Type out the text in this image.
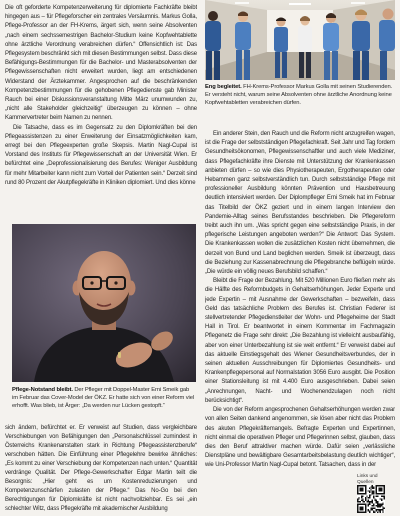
Die oft geforderte Kompetenzerweiterung für diplomierte Fachkräfte bleibt hingegen aus – für Pflegeforscher ein zentrales Versäumnis. Markus Golla, Pflege-Professor an der FH-Krems, ärgert sich, wenn seine Absolventen „nach einem sechssemestrigen Bachelor-Studium keine Kopfwehtablette ohne ärztliche Verordnung verabreichen dürfen.“ Offensichtlich ist: Das Pflegesystem beschränkt sich mit diesen Bestimmungen selbst. Dass diese Befähigungs-Bestimmungen für die Bachelor- und Masterabsolventen der Pflegewissenschaften nicht erweitert wurden, liegt am entschiedenen Widerstand der Ärztekammer. Angesprochen auf die beschränkenden Kompetenzbestimmungen für die gehobenen Pflegedienste gab Minister Rauch bei einer Diskussionsveranstaltung Mitte März unumwunden zu, „nicht alle Stakeholder gleichzeitig“ überzeugen zu können – ohne Kammervertreter beim Namen zu nennen.

Die Tatsache, dass es im Gegensatz zu den Diplomkräften bei den Pflegeassistenzen zu einer Erweiterung der Einsatzmöglichkeiten kam, erregt bei den Pflegeexperten große Skepsis. Martin Nagl-Cupal ist Vorstand des Instituts für Pflegewissenschaft an der Universität Wien. Er befürchtet eine „Deprofessionalisierung des Berufes: Weniger Ausbildung für mehr Mitarbeiter kann nicht zum Vorteil der Patienten sein.“ Derzeit sind rund 80 Prozent der Akutpflegekräfte in Kliniken diplomiert. Und dies könne

Pflege-Notstand bleibt. Der Pfleger mit Doppel-Master Erni Smeik gab im Februar das Cover-Model der ÖKZ. Er hatte sich von einer Reform viel erhofft. Was blieb, ist Ärger: „Da werden nur Lücken gestopft.“

sich ändern, befürchtet er. Er verweist auf Studien, dass vergleichbare Verschiebungen von Befähigungen den „Personalschlüssel zumindest in Österreichs Krankenanstalten stark in Richtung Pflegeassistenzberufe“ verschoben hätten. Die Einführung einer Pflegelehre bewirke ähnliches: „Es kommt zu einer Verschiebung der Kompetenzen nach unten.“ Quantität verdränge Qualität. Der Pflege-Gewerkschafter Edgar Martin teilt die Besorgnis: „Hier geht es um Kostenreduzierungen und Kompetenzunschärfen zulasten der Pflege.“ Das No-Go bei den Berechtigungen für Diplomkräfte ist nicht nachvollziehbar. Es sei „ein schlechter Witz, dass Pflegekräfte mit akademischer Ausbildung

Eng begleitet. FH-Krems-Professor Markus Golla mit seinen Studierenden. Er versteht nicht, warum seine Absolventen ohne ärztliche Anordnung keine Kopfwehtabletten verabreichen dürfen.

Links und Quellen

Ein anderer Stein, den Rauch und die Reform nicht anzugreifen wagen, ist die Frage der selbstständigen Pflegefachkraft. Seit Jahr und Tag fordern Gesundheitsökonomen, Pflegewissenschaftler und auch viele Mediziner, dass Pflegefachkräfte ihre Dienste mit Unterstützung der Krankenkassen anbieten dürfen – so wie dies Physiotherapeuten, Ergotherapeuten oder Hebammen ganz selbstverständlich tun. Durch selbstständige Pflege mit professioneller Ausbildung könnten Prävention und Hausbetreuung deutlich intensiviert werden. Der Diplompfleger Erni Smeik hat im Februar das Titelbild der ÖKZ geziert und in einem langen Interview den Pandemie-Alltag seines Berufsstandes beschrieben. Die Pflegereform treibt auch ihn um. „Was spricht gegen eine selbstständige Praxis, in der pflegerische Leistungen angeboten werden?“ Die Antwort: Das System. Die Krankenkassen wollen die zusätzlichen Kosten nicht übernehmen, die derzeit von Bund und Land beglichen werden. Smeik ist überzeugt, dass die Beziehung zur Kassenabrechnung die Pflegebranche beflügeln würde. „Die würde ein völlig neues Berufsbild schaffen.“

Bleibt die Frage der Bezahlung. Mit 520 Millionen Euro fließen mehr als die Hälfte des Reformbudgets in Gehaltserhöhungen. Jeder Experte und jede Expertin – mit Ausnahme der Gewerkschaften – bezweifeln, dass Geld das tatsächliche Problem des Berufes ist. Christian Federer ist stellvertretender Pflegedienstleiter der Wohn- und Pflegeheime der Stadt Hall in Tirol. Er beantwortet in einem Kommentar im Fachmagazin Pflegenetz die Frage sehr direkt: „Die Bezahlung ist vielleicht ausbaufähig, aber von einer Unterbezahlung ist sie weit entfernt.“ Er verweist dabei auf das aktuelle Einstiegsgehalt des Wiener Gesundheitsverbundes, der in seinen aktuellen Ausschreibungen für Diplomiertes Gesundheits- und Krankenpflegepersonal auf Normalstation 3056 Euro ausgibt. Die Position einer Stationsleitung ist mit 4.400 Euro ausgeschrieben. Dabei seien „Anrechnungen, Nacht- und Wochenendzulagen noch nicht berücksichtigt“.

Die von der Reform angesprochenen Gehaltserhöhungen werden zwar von allen Seiten dankend angenommen, sie lösen aber nicht das Problem des akuten Pflegekräftemangels. Befragte Experten und Expertinnen, nicht einmal die operativen Pfleger und Pflegerinnen selbst, glauben, dass dies den Beruf attraktiver machen würde. Dafür seien „verlässliche Dienstpläne und bewältigbare Gesamtarbeitsbelastung deutlich wichtiger“, wie Uni-Professor Martin Nagl-Cupal betont. Tatsachen, dass in der
